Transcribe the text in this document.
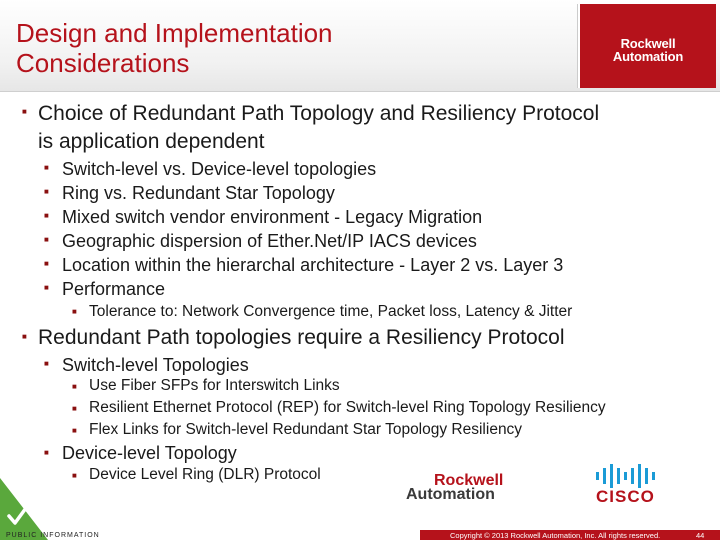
Design and Implementation
Considerations
Rockwell
Automation
■ Choice of Redundant Path Topology and Resiliency Protocol
is application dependent
■ Switch-level vs. Device-level topologies
■ Ring vs. Redundant Star Topology
■ Mixed switch vendor environment - Legacy Migration
■ Geographic dispersion of Ether.Net/IP IACS devices
■ Location within the hierarchal architecture - Layer 2 vs. Layer 3
■ Performance
■ Tolerance to: Network Convergence time, Packet loss, Latency & Jitter
■ Redundant Path topologies require a Resiliency Protocol
■ Switch-level Topologies
■ Use Fiber SFPs for Interswitch Links
■ Resilient Ethernet Protocol (REP) for Switch-level Ring Topology Resiliency
■ Flex Links for Switch-level Redundant Star Topology Resiliency
■ Device-level Topology
■ Device Level Ring (DLR) Protocol	Rockwell
Automation	CISCO
PUBLIC INFORMATION	Copyright © 2013 Rockwell Automation, Inc. All rights reserved.	44
